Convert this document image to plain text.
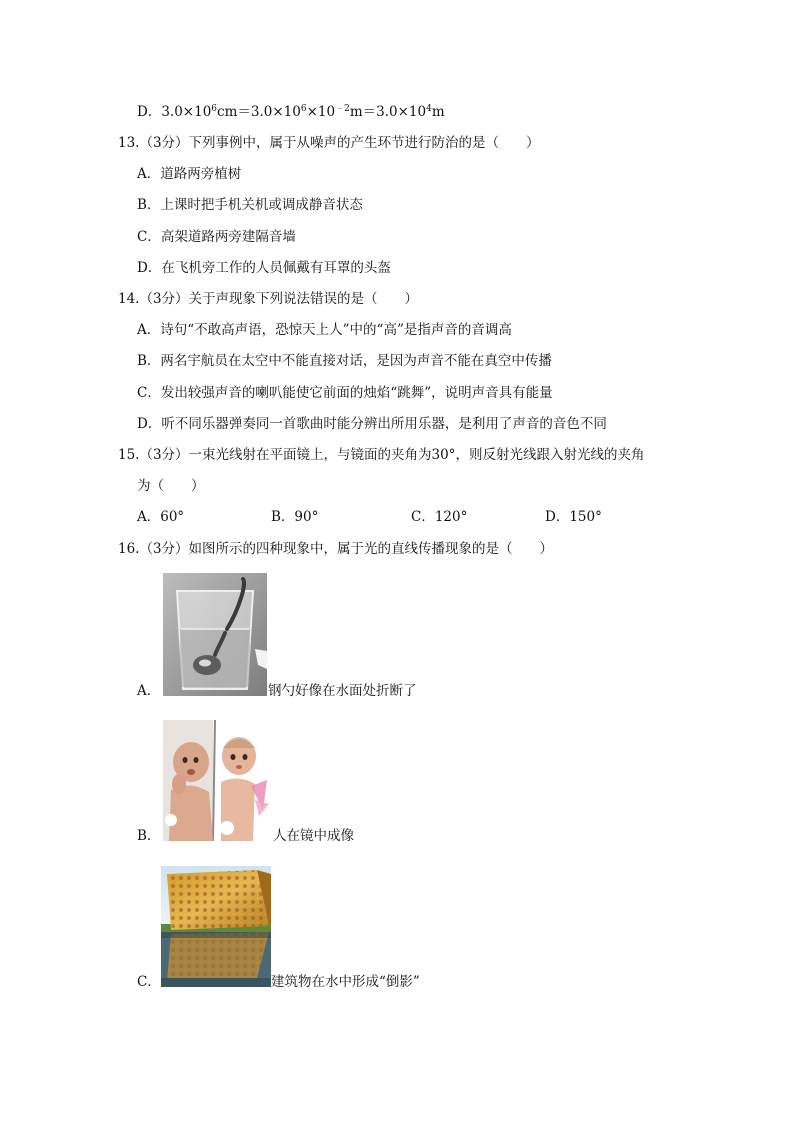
D．$3.0\times 10^6cm=3.0\times 10^6\times 10^{﹣2}m=3.0\times 10^4m$
13.（3分）下列事例中，属于从噪声的产生环节进行防治的是（　　）
A．道路两旁植树
B．上课时把手机关机或调成静音状态
C．高架道路两旁建隔音墙
D．在飞机旁工作的人员佩戴有耳罩的头盔
14.（3分）关于声现象下列说法错误的是（　　）
A．诗句“不敢高声语，恐惊天上人”中的“高”是指声音的音调高
B．两名宇航员在太空中不能直接对话，是因为声音不能在真空中传播
C．发出较强声音的喇叭能使它前面的烛焰“跳舞”，说明声音具有能量
D．听不同乐器弹奏同一首歌曲时能分辨出所用乐器，是利用了声音的音色不同
15.（3分）一束光线射在平面镜上，与镜面的夹角为30°，则反射光线跟入射光线的夹角
为（　　）
A．60°	B．90°	C．120°	D．150°
16.（3分）如图所示的四种现象中，属于光的直线传播现象的是（　　）
A．	钢勺好像在水面处折断了
B．	人在镜中成像
C．	建筑物在水中形成“倒影”
